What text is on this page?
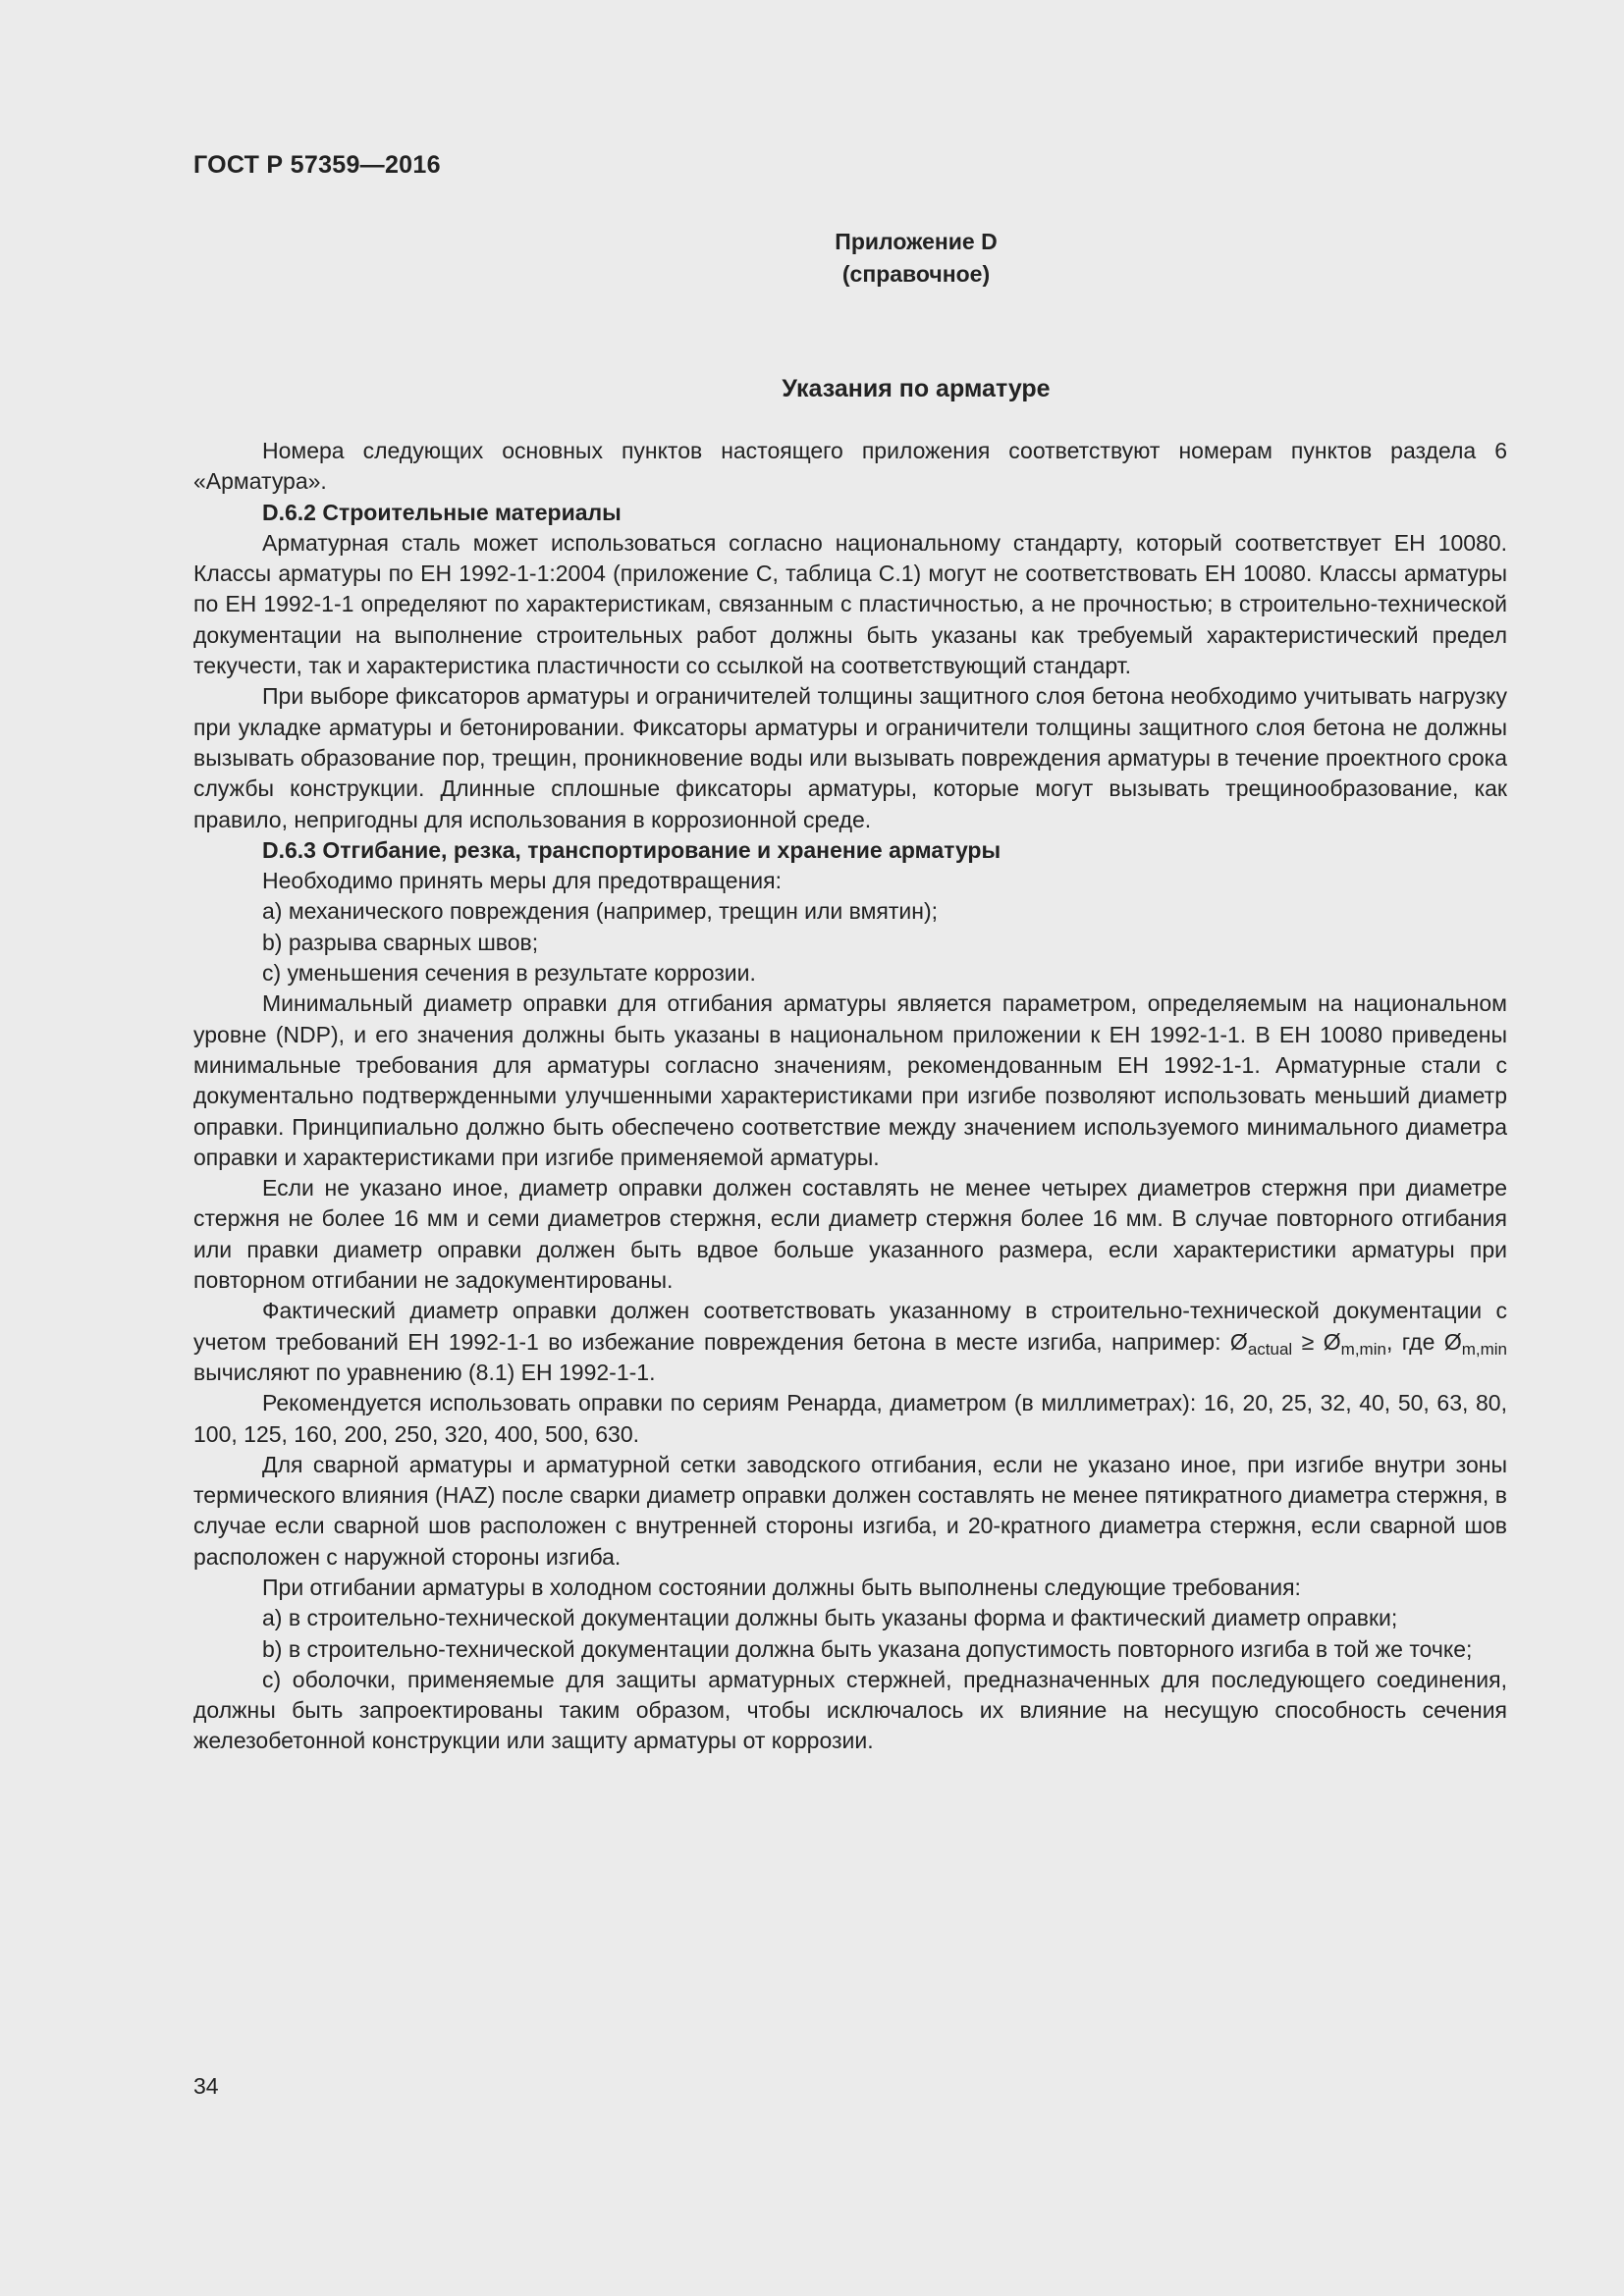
ГОСТ Р 57359—2016
Приложение D
(справочное)
Указания по арматуре

Номера следующих основных пунктов настоящего приложения соответствуют номерам пунктов раздела 6 «Арматура».

D.6.2 Строительные материалы

Арматурная сталь может использоваться согласно национальному стандарту, который соответствует ЕН 10080. Классы арматуры по ЕН 1992-1-1:2004 (приложение С, таблица С.1) могут не соответствовать ЕН 10080. Классы арматуры по ЕН 1992-1-1 определяют по характеристикам, связанным с пластичностью, а не прочностью; в строительно-технической документации на выполнение строительных работ должны быть указаны как требуемый характеристический предел текучести, так и характеристика пластичности со ссылкой на соответствующий стандарт.

При выборе фиксаторов арматуры и ограничителей толщины защитного слоя бетона необходимо учитывать нагрузку при укладке арматуры и бетонировании. Фиксаторы арматуры и ограничители толщины защитного слоя бетона не должны вызывать образование пор, трещин, проникновение воды или вызывать повреждения арматуры в течение проектного срока службы конструкции. Длинные сплошные фиксаторы арматуры, которые могут вызывать трещинообразование, как правило, непригодны для использования в коррозионной среде.

D.6.3 Отгибание, резка, транспортирование и хранение арматуры

Необходимо принять меры для предотвращения:

a) механического повреждения (например, трещин или вмятин);

b) разрыва сварных швов;

c) уменьшения сечения в результате коррозии.

Минимальный диаметр оправки для отгибания арматуры является параметром, определяемым на национальном уровне (NDP), и его значения должны быть указаны в национальном приложении к ЕН 1992-1-1. В ЕН 10080 приведены минимальные требования для арматуры согласно значениям, рекомендованным ЕН 1992-1-1. Арматурные стали с документально подтвержденными улучшенными характеристиками при изгибе позволяют использовать меньший диаметр оправки. Принципиально должно быть обеспечено соответствие между значением используемого минимального диаметра оправки и характеристиками при изгибе применяемой арматуры.

Если не указано иное, диаметр оправки должен составлять не менее четырех диаметров стержня при диаметре стержня не более 16 мм и семи диаметров стержня, если диаметр стержня более 16 мм. В случае повторного отгибания или правки диаметр оправки должен быть вдвое больше указанного размера, если характеристики арматуры при повторном отгибании не задокументированы.

Фактический диаметр оправки должен соответствовать указанному в строительно-технической документации с учетом требований ЕН 1992-1-1 во избежание повреждения бетона в месте изгиба, например: $Ø_{actual}$ ≥ $Ø_{m,min}$, где $Ø_{m,min}$ вычисляют по уравнению (8.1) ЕН 1992-1-1.

Рекомендуется использовать оправки по сериям Ренарда, диаметром (в миллиметрах): 16, 20, 25, 32, 40, 50, 63, 80, 100, 125, 160, 200, 250, 320, 400, 500, 630.

Для сварной арматуры и арматурной сетки заводского отгибания, если не указано иное, при изгибе внутри зоны термического влияния (HAZ) после сварки диаметр оправки должен составлять не менее пятикратного диаметра стержня, в случае если сварной шов расположен с внутренней стороны изгиба, и 20-кратного диаметра стержня, если сварной шов расположен с наружной стороны изгиба.

При отгибании арматуры в холодном состоянии должны быть выполнены следующие требования:

a) в строительно-технической документации должны быть указаны форма и фактический диаметр оправки;

b) в строительно-технической документации должна быть указана допустимость повторного изгиба в той же точке;

c) оболочки, применяемые для защиты арматурных стержней, предназначенных для последующего соединения, должны быть запроектированы таким образом, чтобы исключалось их влияние на несущую способность сечения железобетонной конструкции или защиту арматуры от коррозии.

34
